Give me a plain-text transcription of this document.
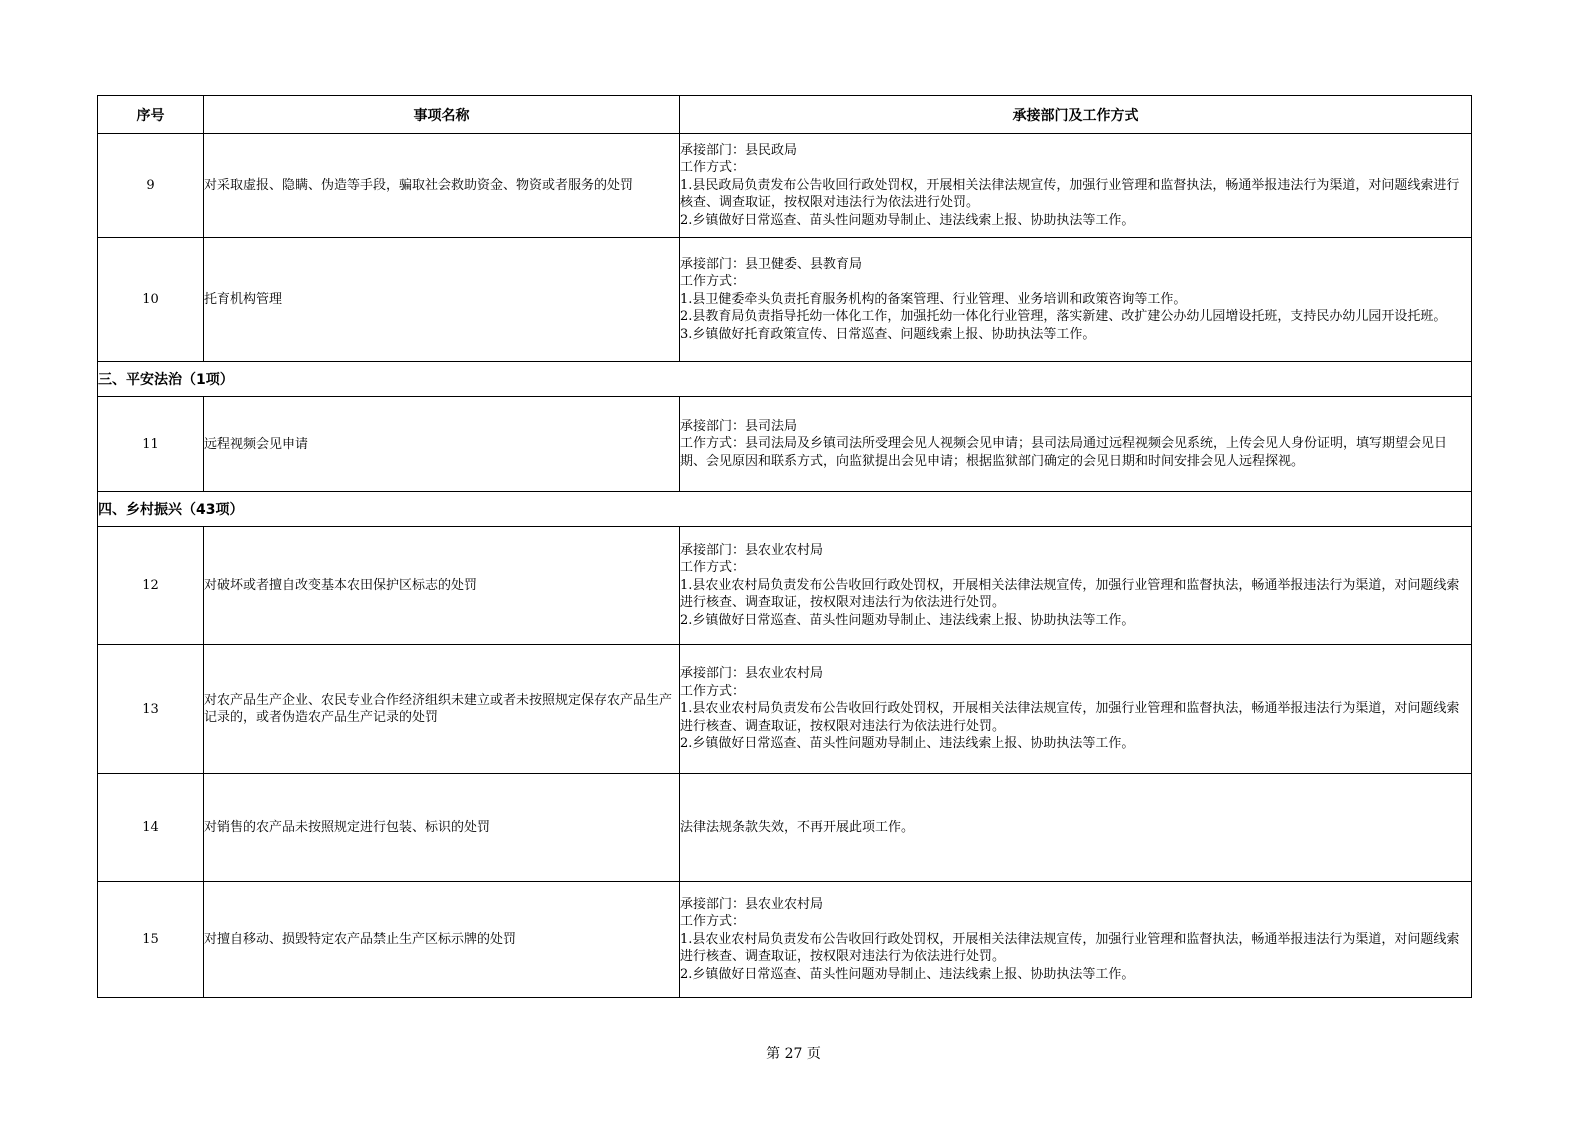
序号	事项名称	承接部门及工作方式
9	对采取虚报、隐瞒、伪造等手段，骗取社会救助资金、物资或者服务的处罚	承接部门：县民政局
工作方式：
1.县民政局负责发布公告收回行政处罚权，开展相关法律法规宣传，加强行业管理和监督执法，畅通举报违法行为渠道，对问题线索进行核查、调查取证，按权限对违法行为依法进行处罚。
2.乡镇做好日常巡查、苗头性问题劝导制止、违法线索上报、协助执法等工作。

10	托育机构管理	承接部门：县卫健委、县教育局
工作方式：
1.县卫健委牵头负责托育服务机构的备案管理、行业管理、业务培训和政策咨询等工作。
2.县教育局负责指导托幼一体化工作，加强托幼一体化行业管理，落实新建、改扩建公办幼儿园增设托班，支持民办幼儿园开设托班。
3.乡镇做好托育政策宣传、日常巡查、问题线索上报、协助执法等工作。

三、平安法治（1项）		
11	远程视频会见申请	承接部门：县司法局
工作方式：县司法局及乡镇司法所受理会见人视频会见申请；县司法局通过远程视频会见系统，上传会见人身份证明，填写期望会见日期、会见原因和联系方式，向监狱提出会见申请；根据监狱部门确定的会见日期和时间安排会见人远程探视。

四、乡村振兴（43项）		
12	对破坏或者擅自改变基本农田保护区标志的处罚	承接部门：县农业农村局
工作方式：
1.县农业农村局负责发布公告收回行政处罚权，开展相关法律法规宣传，加强行业管理和监督执法，畅通举报违法行为渠道，对问题线索进行核查、调查取证，按权限对违法行为依法进行处罚。
2.乡镇做好日常巡查、苗头性问题劝导制止、违法线索上报、协助执法等工作。

13	对农产品生产企业、农民专业合作经济组织未建立或者未按照规定保存农产品生产记录的，或者伪造农产品生产记录的处罚	承接部门：县农业农村局
工作方式：
1.县农业农村局负责发布公告收回行政处罚权，开展相关法律法规宣传，加强行业管理和监督执法，畅通举报违法行为渠道，对问题线索进行核查、调查取证，按权限对违法行为依法进行处罚。
2.乡镇做好日常巡查、苗头性问题劝导制止、违法线索上报、协助执法等工作。

14	对销售的农产品未按照规定进行包装、标识的处罚	法律法规条款失效，不再开展此项工作。

15	对擅自移动、损毁特定农产品禁止生产区标示牌的处罚	承接部门：县农业农村局
工作方式：
1.县农业农村局负责发布公告收回行政处罚权，开展相关法律法规宣传，加强行业管理和监督执法，畅通举报违法行为渠道，对问题线索进行核查、调查取证，按权限对违法行为依法进行处罚。
2.乡镇做好日常巡查、苗头性问题劝导制止、违法线索上报、协助执法等工作。
第 27 页
